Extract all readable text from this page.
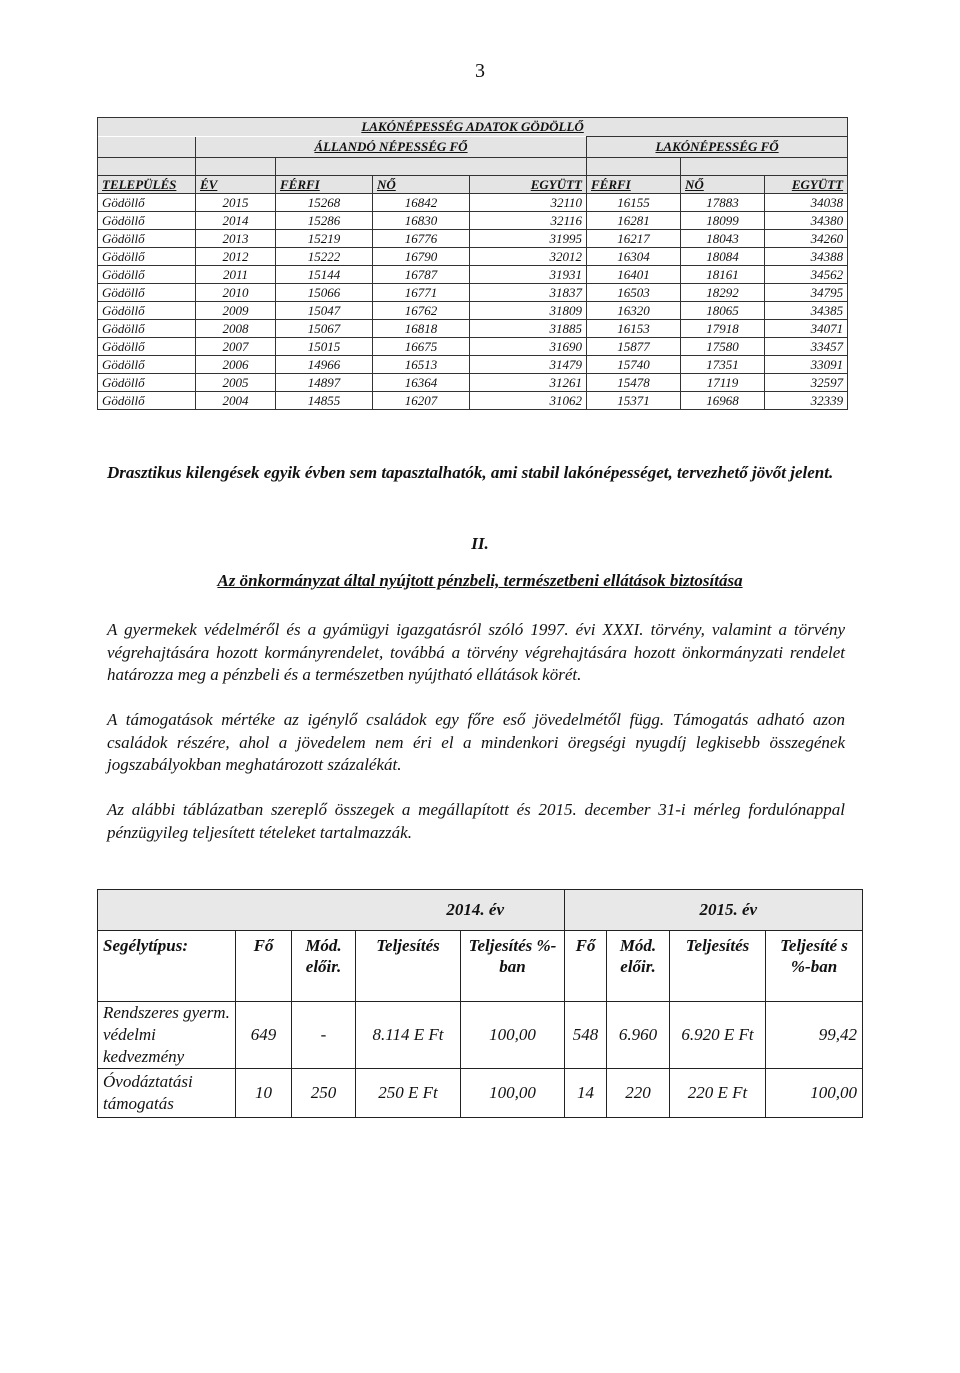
3
LAKÓNÉPESSÉG ADATOK GÖDÖLLŐ							
	ÁLLANDÓ NÉPESSÉG FŐ				LAKÓNÉPESSÉG FŐ		

TELEPÜLÉS	ÉV	FÉRFI	NŐ	EGYÜTT	FÉRFI	NŐ	EGYÜTT
Gödöllő	2015	15268	16842	32110	16155	17883	34038
Gödöllő	2014	15286	16830	32116	16281	18099	34380
Gödöllő	2013	15219	16776	31995	16217	18043	34260
Gödöllő	2012	15222	16790	32012	16304	18084	34388
Gödöllő	2011	15144	16787	31931	16401	18161	34562
Gödöllő	2010	15066	16771	31837	16503	18292	34795
Gödöllő	2009	15047	16762	31809	16320	18065	34385
Gödöllő	2008	15067	16818	31885	16153	17918	34071
Gödöllő	2007	15015	16675	31690	15877	17580	33457
Gödöllő	2006	14966	16513	31479	15740	17351	33091
Gödöllő	2005	14897	16364	31261	15478	17119	32597
Gödöllő	2004	14855	16207	31062	15371	16968	32339
Drasztikus kilengések egyik évben sem tapasztalhatók, ami stabil lakónépességet, tervezhető jövőt jelent.
II.
Az önkormányzat által nyújtott pénzbeli, természetbeni ellátások biztosítása
A gyermekek védelméről és a gyámügyi igazgatásról szóló 1997. évi XXXI. törvény, valamint a törvény végrehajtására hozott kormányrendelet, továbbá a törvény végrehajtására hozott önkormányzati rendelet határozza meg a pénzbeli és a természetben nyújtható ellátások körét.
A támogatások mértéke az igénylő családok egy főre eső jövedelmétől függ. Támogatás adható azon családok részére, ahol a jövedelem nem éri el a mindenkori öregségi nyugdíj legkisebb összegének jogszabályokban meghatározott százalékát.
Az alábbi táblázatban szereplő összegek a megállapított és 2015. december 31-i mérleg fordulónappal pénzügyileg teljesített tételeket tartalmazzák.
2014. év					2015. év			
Segélytípus:	Fő	Mód. előir.	Teljesítés	Teljesítés %-ban	Fő	Mód. előir.	Teljesítés	Teljesíté s %-ban
Rendszeres gyerm. védelmi kedvezmény	649	-	8.114 E Ft	100,00	548	6.960	6.920 E Ft	99,42
Óvodáztatási támogatás	10	250	250 E Ft	100,00	14	220	220 E Ft	100,00
